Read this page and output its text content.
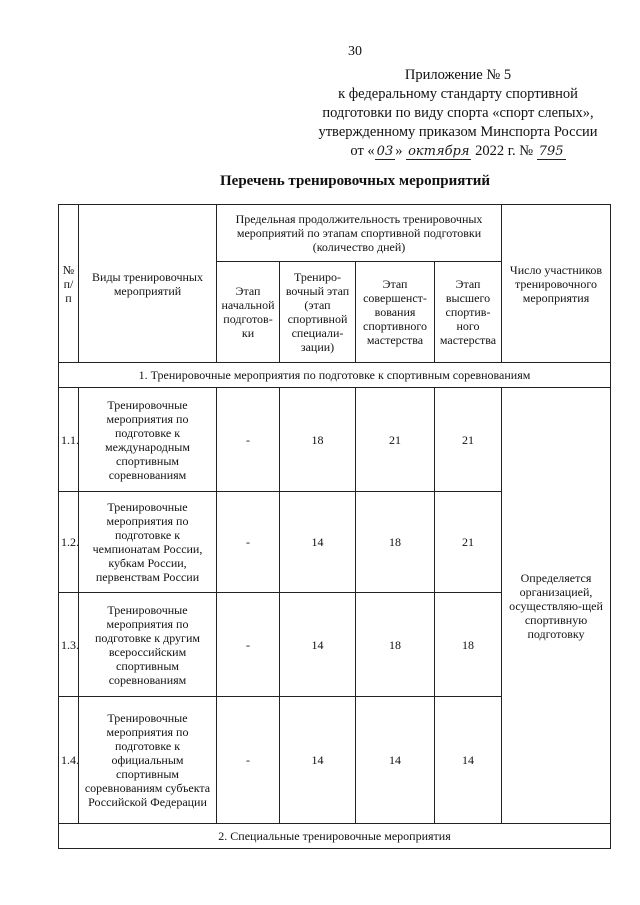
30
Приложение № 5
к федеральному стандарту спортивной
подготовки по виду спорта «спорт слепых»,
утвержденному приказом Минспорта России
от « 03 » октября 2022 г. № 795
Перечень тренировочных мероприятий
№ п/п	Виды тренировочных мероприятий	Предельная продолжительность тренировочных мероприятий по этапам спортивной подготовки (количество дней)				Число участников тренировочного мероприятия
		Этап начальной подготов-ки	Трениро-вочный этап (этап спортивной специали-зации)	Этап совершенст-вования спортивного мастерства	Этап высшего спортив-ного мастерства	
1. Тренировочные мероприятия по подготовке к спортивным соревнованиям						
1.1.	Тренировочные мероприятия по подготовке к международным спортивным соревнованиям	-	18	21	21	Определяется организацией, осуществляю-щей спортивную подготовку
1.2.	Тренировочные мероприятия по подготовке к чемпионатам России, кубкам России, первенствам России	-	14	18	21	
1.3.	Тренировочные мероприятия по подготовке к другим всероссийским спортивным соревнованиям	-	14	18	18	
1.4.	Тренировочные мероприятия по подготовке к официальным спортивным соревнованиям субъекта Российской Федерации	-	14	14	14	
2. Специальные тренировочные мероприятия						
